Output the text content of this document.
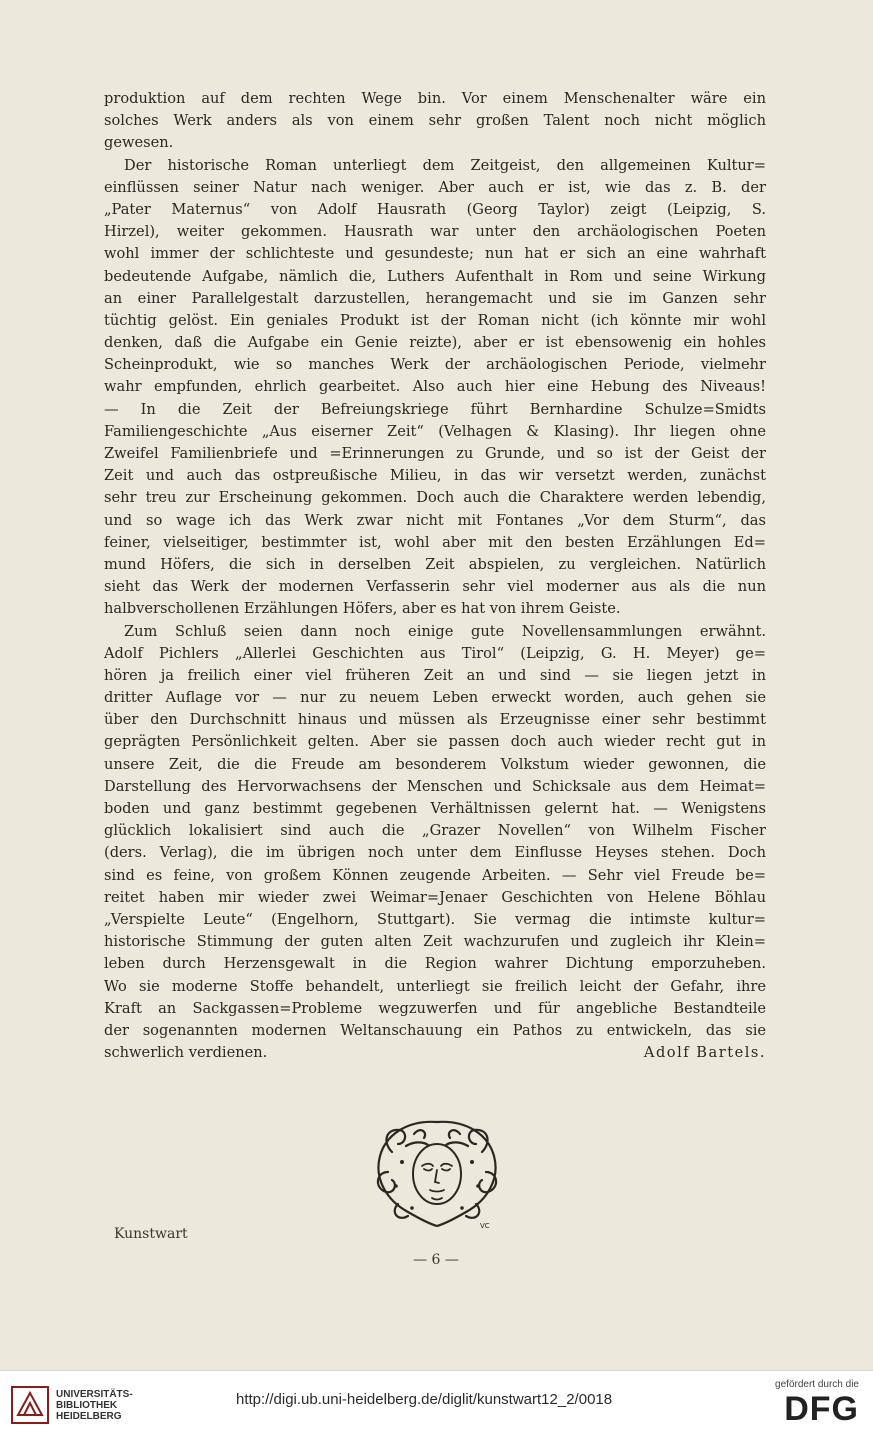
produktion auf dem rechten Wege bin. Vor einem Menschenalter wäre ein
solches Werk anders als von einem sehr großen Talent noch nicht möglich
gewesen.
Der historische Roman unterliegt dem Zeitgeist, den allgemeinen Kultur=
einflüssen seiner Natur nach weniger. Aber auch er ist, wie das z. B. der
„Pater Maternus“ von Adolf Hausrath (Georg Taylor) zeigt (Leipzig, S.
Hirzel), weiter gekommen. Hausrath war unter den archäologischen Poeten
wohl immer der schlichteste und gesundeste; nun hat er sich an eine wahrhaft
bedeutende Aufgabe, nämlich die, Luthers Aufenthalt in Rom und seine Wirkung
an einer Parallelgestalt darzustellen, herangemacht und sie im Ganzen sehr
tüchtig gelöst. Ein geniales Produkt ist der Roman nicht (ich könnte mir wohl
denken, daß die Aufgabe ein Genie reizte), aber er ist ebensowenig ein hohles
Scheinprodukt, wie so manches Werk der archäologischen Periode, vielmehr
wahr empfunden, ehrlich gearbeitet. Also auch hier eine Hebung des Niveaus!
— In die Zeit der Befreiungskriege führt Bernhardine Schulze=Smidts
Familiengeschichte „Aus eiserner Zeit“ (Velhagen & Klasing). Ihr liegen ohne
Zweifel Familienbriefe und =Erinnerungen zu Grunde, und so ist der Geist der
Zeit und auch das ostpreußische Milieu, in das wir versetzt werden, zunächst
sehr treu zur Erscheinung gekommen. Doch auch die Charaktere werden lebendig,
und so wage ich das Werk zwar nicht mit Fontanes „Vor dem Sturm“, das
feiner, vielseitiger, bestimmter ist, wohl aber mit den besten Erzählungen Ed=
mund Höfers, die sich in derselben Zeit abspielen, zu vergleichen. Natürlich
sieht das Werk der modernen Verfasserin sehr viel moderner aus als die nun
halbverschollenen Erzählungen Höfers, aber es hat von ihrem Geiste.
Zum Schluß seien dann noch einige gute Novellensammlungen erwähnt.
Adolf Pichlers „Allerlei Geschichten aus Tirol“ (Leipzig, G. H. Meyer) ge=
hören ja freilich einer viel früheren Zeit an und sind — sie liegen jetzt in
dritter Auflage vor — nur zu neuem Leben erweckt worden, auch gehen sie
über den Durchschnitt hinaus und müssen als Erzeugnisse einer sehr bestimmt
geprägten Persönlichkeit gelten. Aber sie passen doch auch wieder recht gut in
unsere Zeit, die die Freude am besonderem Volkstum wieder gewonnen, die
Darstellung des Hervorwachsens der Menschen und Schicksale aus dem Heimat=
boden und ganz bestimmt gegebenen Verhältnissen gelernt hat. — Wenigstens
glücklich lokalisiert sind auch die „Grazer Novellen“ von Wilhelm Fischer
(ders. Verlag), die im übrigen noch unter dem Einflusse Heyses stehen. Doch
sind es feine, von großem Können zeugende Arbeiten. — Sehr viel Freude be=
reitet haben mir wieder zwei Weimar=Jenaer Geschichten von Helene Böhlau
„Verspielte Leute“ (Engelhorn, Stuttgart). Sie vermag die intimste kultur=
historische Stimmung der guten alten Zeit wachzurufen und zugleich ihr Klein=
leben durch Herzensgewalt in die Region wahrer Dichtung emporzuheben.
Wo sie moderne Stoffe behandelt, unterliegt sie freilich leicht der Gefahr, ihre
Kraft an Sackgassen=Probleme wegzuwerfen und für angebliche Bestandteile
der sogenannten modernen Weltanschauung ein Pathos zu entwickeln, das sie
schwerlich verdienen.	Adolf Bartels.
VC
Kunstwart
— 6 —
UNIVERSITÄTS-
BIBLIOTHEK
HEIDELBERG
http://digi.ub.uni-heidelberg.de/diglit/kunstwart12_2/0018
gefördert durch die
DFG
